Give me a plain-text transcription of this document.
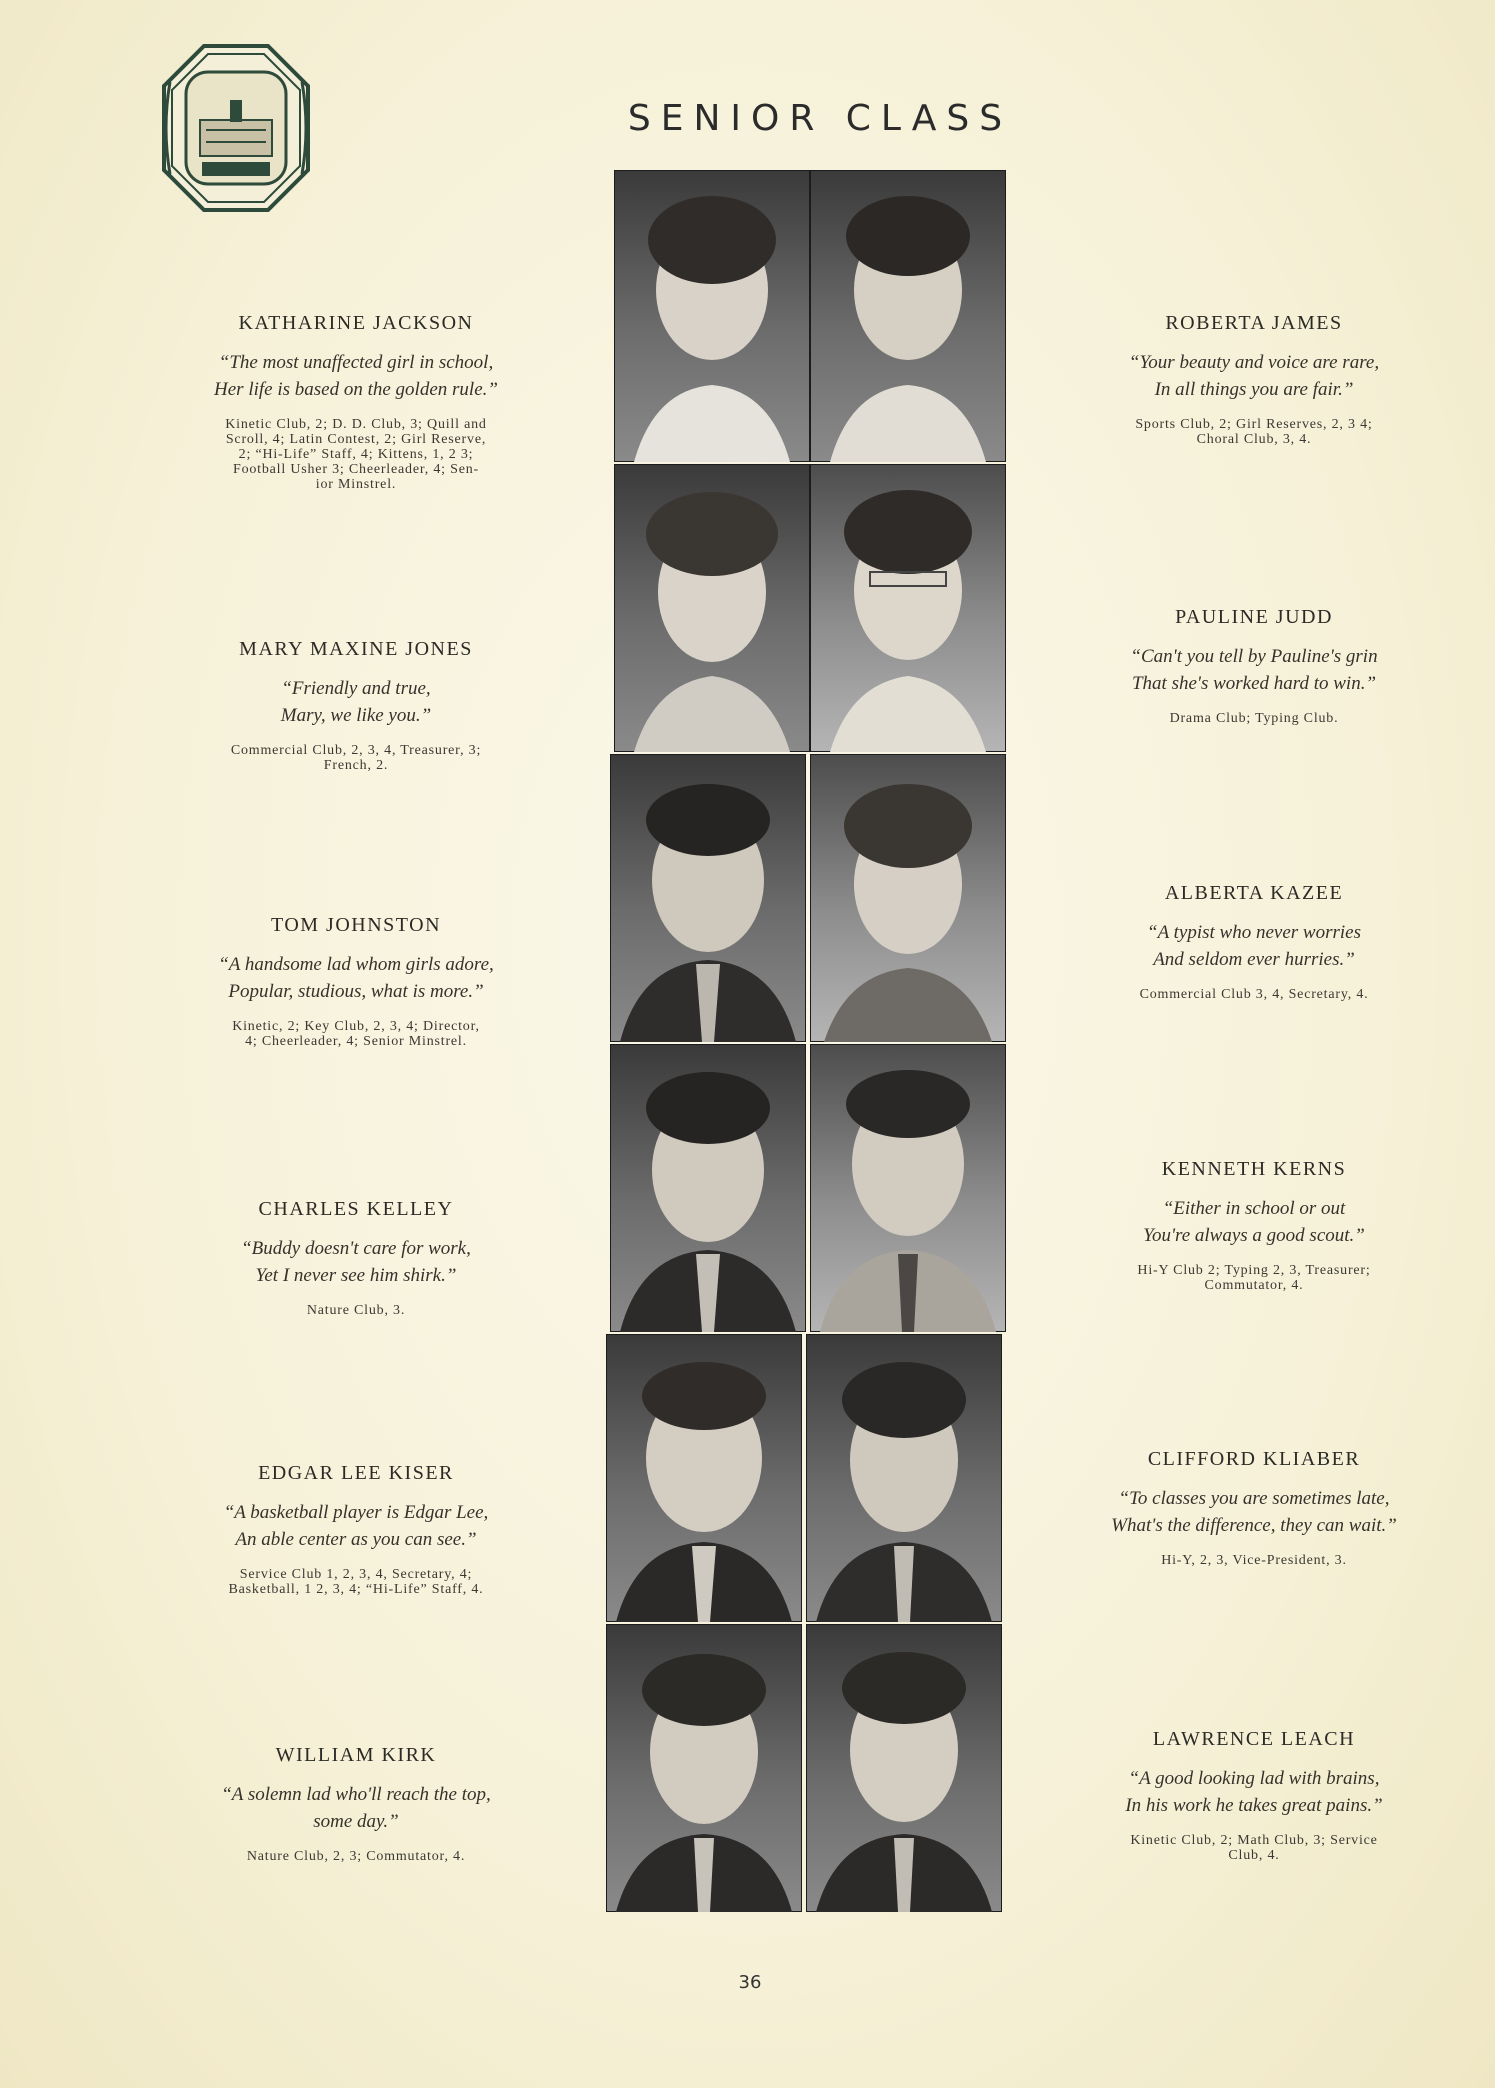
SENIOR CLASS
KATHARINE JACKSON
“The most unaffected girl in school,
Her life is based on the golden rule.”
Kinetic Club, 2; D. D. Club, 3; Quill and
Scroll, 4; Latin Contest, 2; Girl Reserve,
2; “Hi-Life” Staff, 4; Kittens, 1, 2 3;
Football Usher 3; Cheerleader, 4; Sen-
ior Minstrel.
MARY MAXINE JONES
“Friendly and true,
Mary, we like you.”
Commercial Club, 2, 3, 4, Treasurer, 3;
French, 2.
TOM JOHNSTON
“A handsome lad whom girls adore,
Popular, studious, what is more.”
Kinetic, 2; Key Club, 2, 3, 4; Director,
4; Cheerleader, 4; Senior Minstrel.
CHARLES KELLEY
“Buddy doesn't care for work,
Yet I never see him shirk.”
Nature Club, 3.
EDGAR LEE KISER
“A basketball player is Edgar Lee,
An able center as you can see.”
Service Club 1, 2, 3, 4, Secretary, 4;
Basketball, 1 2, 3, 4; “Hi-Life” Staff, 4.
WILLIAM KIRK
“A solemn lad who'll reach the top,
some day.”
Nature Club, 2, 3; Commutator, 4.
ROBERTA JAMES
“Your beauty and voice are rare,
In all things you are fair.”
Sports Club, 2; Girl Reserves, 2, 3 4;
Choral Club, 3, 4.
PAULINE JUDD
“Can't you tell by Pauline's grin
That she's worked hard to win.”
Drama Club; Typing Club.
ALBERTA KAZEE
“A typist who never worries
And seldom ever hurries.”
Commercial Club 3, 4, Secretary, 4.
KENNETH KERNS
“Either in school or out
You're always a good scout.”
Hi-Y Club 2; Typing 2, 3, Treasurer;
Commutator, 4.
CLIFFORD KLIABER
“To classes you are sometimes late,
What's the difference, they can wait.”
Hi-Y, 2, 3, Vice-President, 3.
LAWRENCE LEACH
“A good looking lad with brains,
In his work he takes great pains.”
Kinetic Club, 2; Math Club, 3; Service
Club, 4.
36
